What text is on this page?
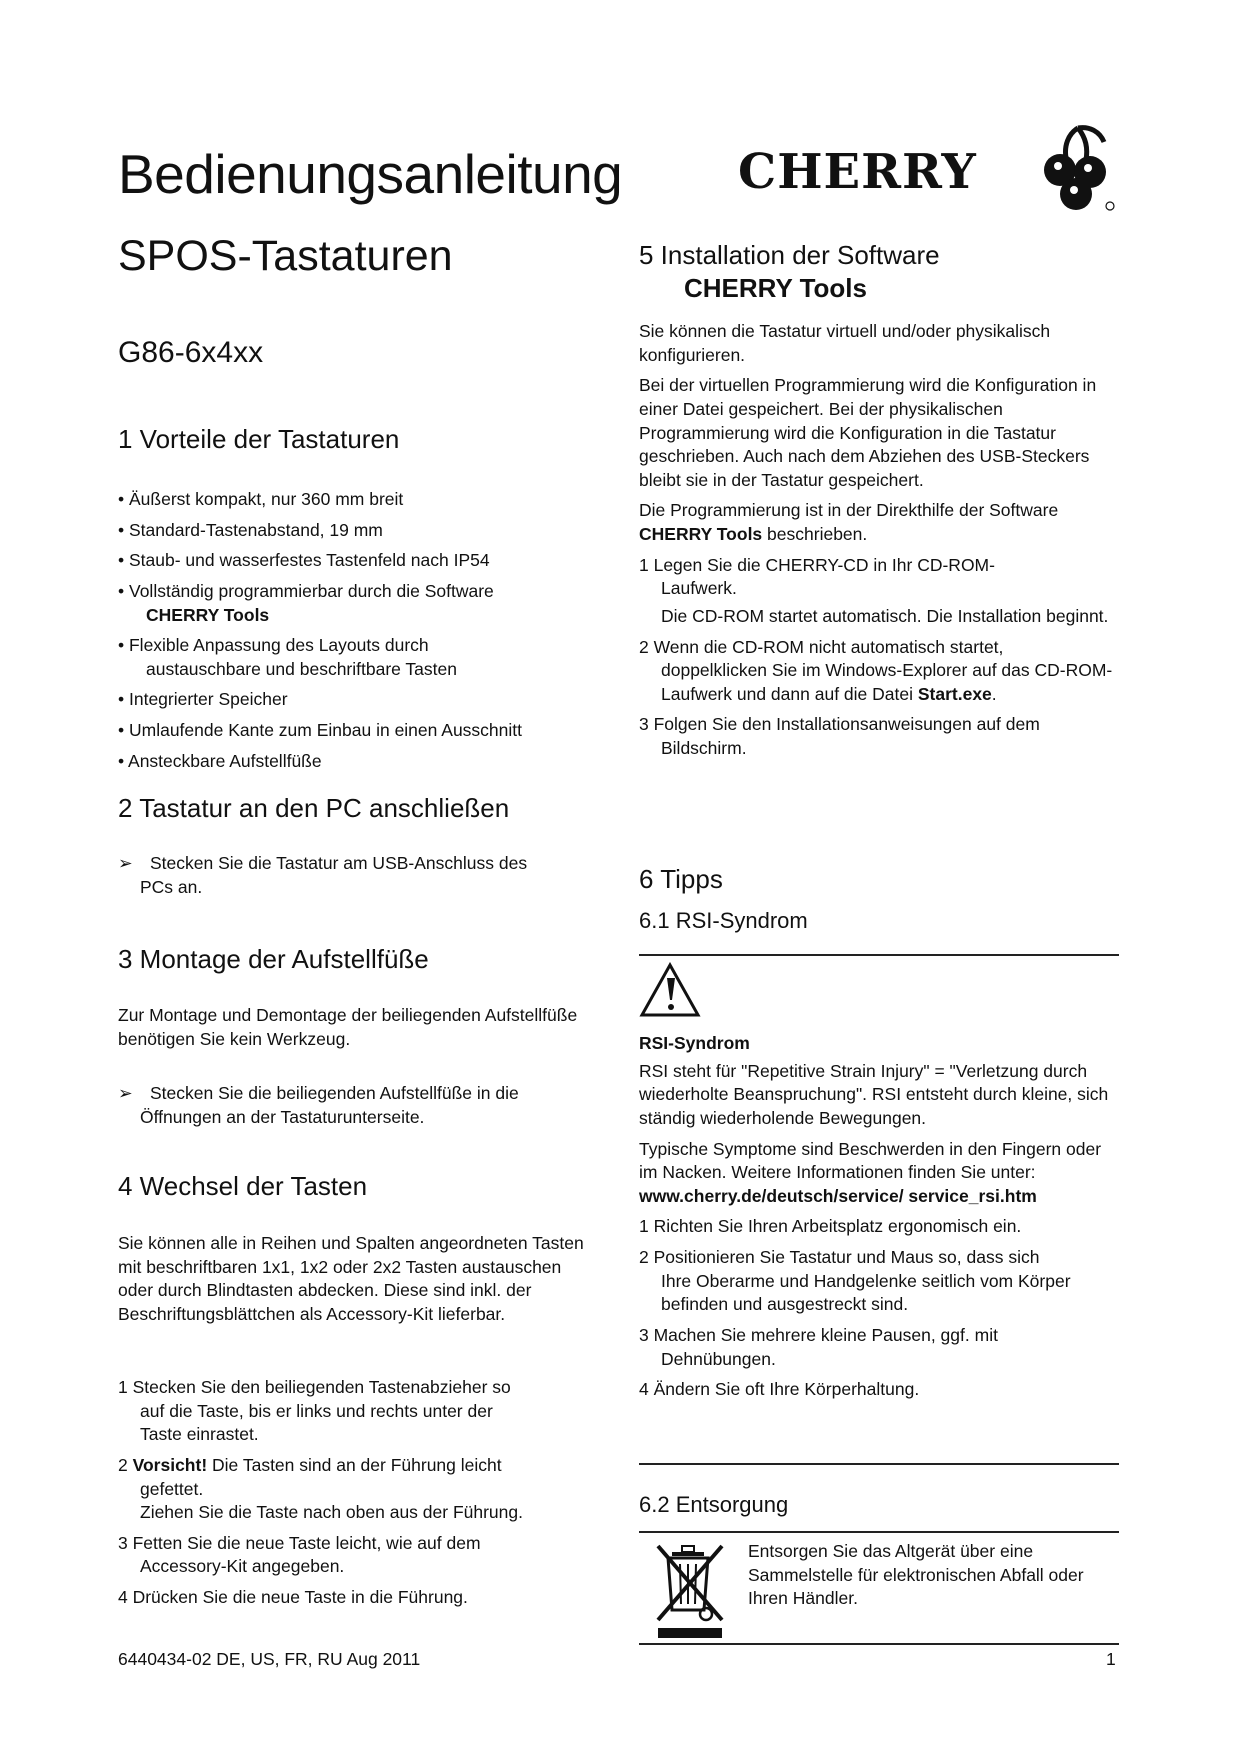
Bedienungsanleitung CHERRY
SPOS-Tastaturen
G86-6x4xx
1 Vorteile der Tastaturen
• Äußerst kompakt, nur 360 mm breit
• Standard-Tastenabstand, 19 mm
• Staub- und wasserfestes Tastenfeld nach IP54
• Vollständig programmierbar durch die Software
CHERRY Tools
• Flexible Anpassung des Layouts durch
austauschbare und beschriftbare Tasten
• Integrierter Speicher
• Umlaufende Kante zum Einbau in einen Ausschnitt
• Ansteckbare Aufstellfüße
2 Tastatur an den PC anschließen
➢ Stecken Sie die Tastatur am USB-Anschluss des
PCs an.
3 Montage der Aufstellfüße
Zur Montage und Demontage der beiliegenden Aufstellfüße benötigen Sie kein Werkzeug.
➢ Stecken Sie die beiliegenden Aufstellfüße in die
Öffnungen an der Tastaturunterseite.
4 Wechsel der Tasten
Sie können alle in Reihen und Spalten angeordneten Tasten mit beschriftbaren 1x1, 1x2 oder 2x2 Tasten austauschen oder durch Blindtasten abdecken. Diese sind inkl. der Beschriftungsblättchen als Accessory-Kit lieferbar.

1 Stecken Sie den beiliegenden Tastenabzieher so
auf die Taste, bis er links und rechts unter der
Taste einrastet.

2 Vorsicht! Die Tasten sind an der Führung leicht
gefettet.
Ziehen Sie die Taste nach oben aus der Führung.

3 Fetten Sie die neue Taste leicht, wie auf dem
Accessory-Kit angegeben.

4 Drücken Sie die neue Taste in die Führung.

5 Installation der Software
CHERRY Tools

Sie können die Tastatur virtuell und/oder physikalisch konfigurieren.

Bei der virtuellen Programmierung wird die Konfiguration in einer Datei gespeichert. Bei der physikalischen Programmierung wird die Konfiguration in die Tastatur geschrieben. Auch nach dem Abziehen des USB-Steckers bleibt sie in der Tastatur gespeichert.

Die Programmierung ist in der Direkthilfe der Software CHERRY Tools beschrieben.

1 Legen Sie die CHERRY-CD in Ihr CD-ROM-
Laufwerk.

Die CD-ROM startet automatisch. Die Installation beginnt.

2 Wenn die CD-ROM nicht automatisch startet,

doppelklicken Sie im Windows-Explorer auf das CD-ROM-Laufwerk und dann auf die Datei Start.exe.

3 Folgen Sie den Installationsanweisungen auf dem
Bildschirm.

6 Tipps
6.1 RSI-Syndrom

RSI-Syndrom

RSI steht für "Repetitive Strain Injury" = "Verletzung durch wiederholte Beanspruchung". RSI entsteht durch kleine, sich ständig wiederholende Bewegungen.

Typische Symptome sind Beschwerden in den Fingern oder im Nacken. Weitere Informationen finden Sie unter: www.cherry.de/deutsch/service/ service_rsi.htm

1 Richten Sie Ihren Arbeitsplatz ergonomisch ein.

2 Positionieren Sie Tastatur und Maus so, dass sich

Ihre Oberarme und Handgelenke seitlich vom Körper befinden und ausgestreckt sind.

3 Machen Sie mehrere kleine Pausen, ggf. mit
Dehnübungen.

4 Ändern Sie oft Ihre Körperhaltung.

6.2 Entsorgung
Entsorgen Sie das Altgerät über eine Sammelstelle für elektronischen Abfall oder Ihren Händler.
6440434-02 DE, US, FR, RU Aug 2011	1
